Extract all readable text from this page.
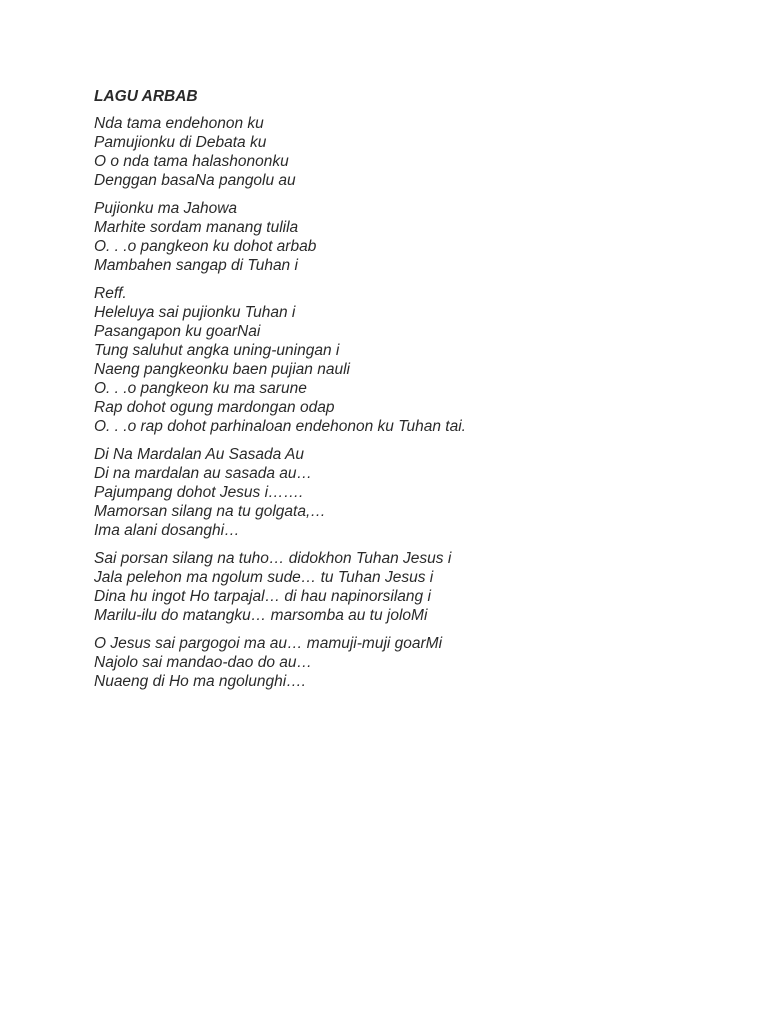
LAGU ARBAB
Nda tama endehonon ku
Pamujionku di Debata ku
O o nda tama halashononku
Denggan basaNa pangolu au
Pujionku ma Jahowa
Marhite sordam manang tulila
O. . .o pangkeon ku dohot arbab
Mambahen sangap di Tuhan i
Reff.
Heleluya sai pujionku Tuhan i
Pasangapon ku goarNai
Tung saluhut angka uning-uningan i
Naeng pangkeonku baen pujian nauli
O. . .o pangkeon ku ma sarune
Rap dohot ogung mardongan odap
O. . .o rap dohot parhinaloan endehonon ku Tuhan tai.
Di Na Mardalan Au Sasada Au
Di na mardalan au sasada au…
Pajumpang dohot Jesus i…….
Mamorsan silang na tu golgata,…
Ima alani dosanghi…
Sai porsan silang na tuho… didokhon Tuhan Jesus i
Jala pelehon ma ngolum sude… tu Tuhan Jesus i
Dina hu ingot Ho tarpajal… di hau napinorsilang i
Marilu-ilu do matangku… marsomba au tu joloMi
O Jesus sai pargogoi ma au… mamuji-muji goarMi
Najolo sai mandao-dao do au…
Nuaeng di Ho ma ngolunghi….
